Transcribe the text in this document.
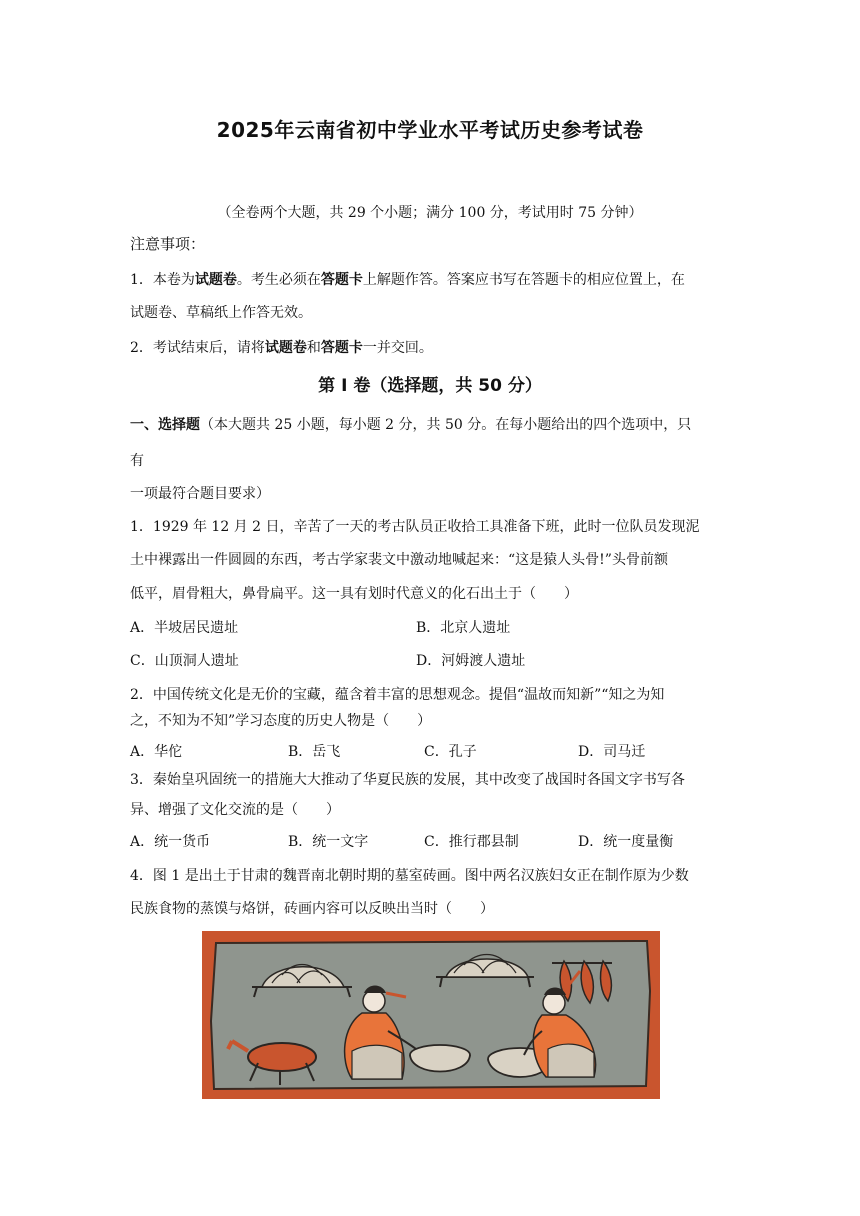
2025年云南省初中学业水平考试历史参考试卷
（全卷两个大题，共 29 个小题；满分 100 分，考试用时 75 分钟）
注意事项：
1．本卷为试题卷。考生必须在答题卡上解题作答。答案应书写在答题卡的相应位置上，在
试题卷、草稿纸上作答无效。
2．考试结束后，请将试题卷和答题卡一并交回。
第 I 卷（选择题，共 50 分）
一、选择题（本大题共 25 小题，每小题 2 分，共 50 分。在每小题给出的四个选项中，只
有
一项最符合题目要求）
1．1929 年 12 月 2 日，辛苦了一天的考古队员正收拾工具准备下班，此时一位队员发现泥
土中裸露出一件圆圆的东西，考古学家裴文中激动地喊起来：“这是猿人头骨!”头骨前额
低平，眉骨粗大，鼻骨扁平。这一具有划时代意义的化石出土于（　　）
A．半坡居民遗址	B．北京人遗址
C．山顶洞人遗址	D．河姆渡人遗址
2．中国传统文化是无价的宝藏，蕴含着丰富的思想观念。提倡“温故而知新”“知之为知
之，不知为不知”学习态度的历史人物是（　　）
A．华佗	B．岳飞	C．孔子	D．司马迁
3．秦始皇巩固统一的措施大大推动了华夏民族的发展，其中改变了战国时各国文字书写各
异、增强了文化交流的是（　　）
A．统一货币	B．统一文字	C．推行郡县制	D．统一度量衡
4．图 1 是出土于甘肃的魏晋南北朝时期的墓室砖画。图中两名汉族妇女正在制作原为少数
民族食物的蒸馍与烙饼，砖画内容可以反映出当时（　　）
